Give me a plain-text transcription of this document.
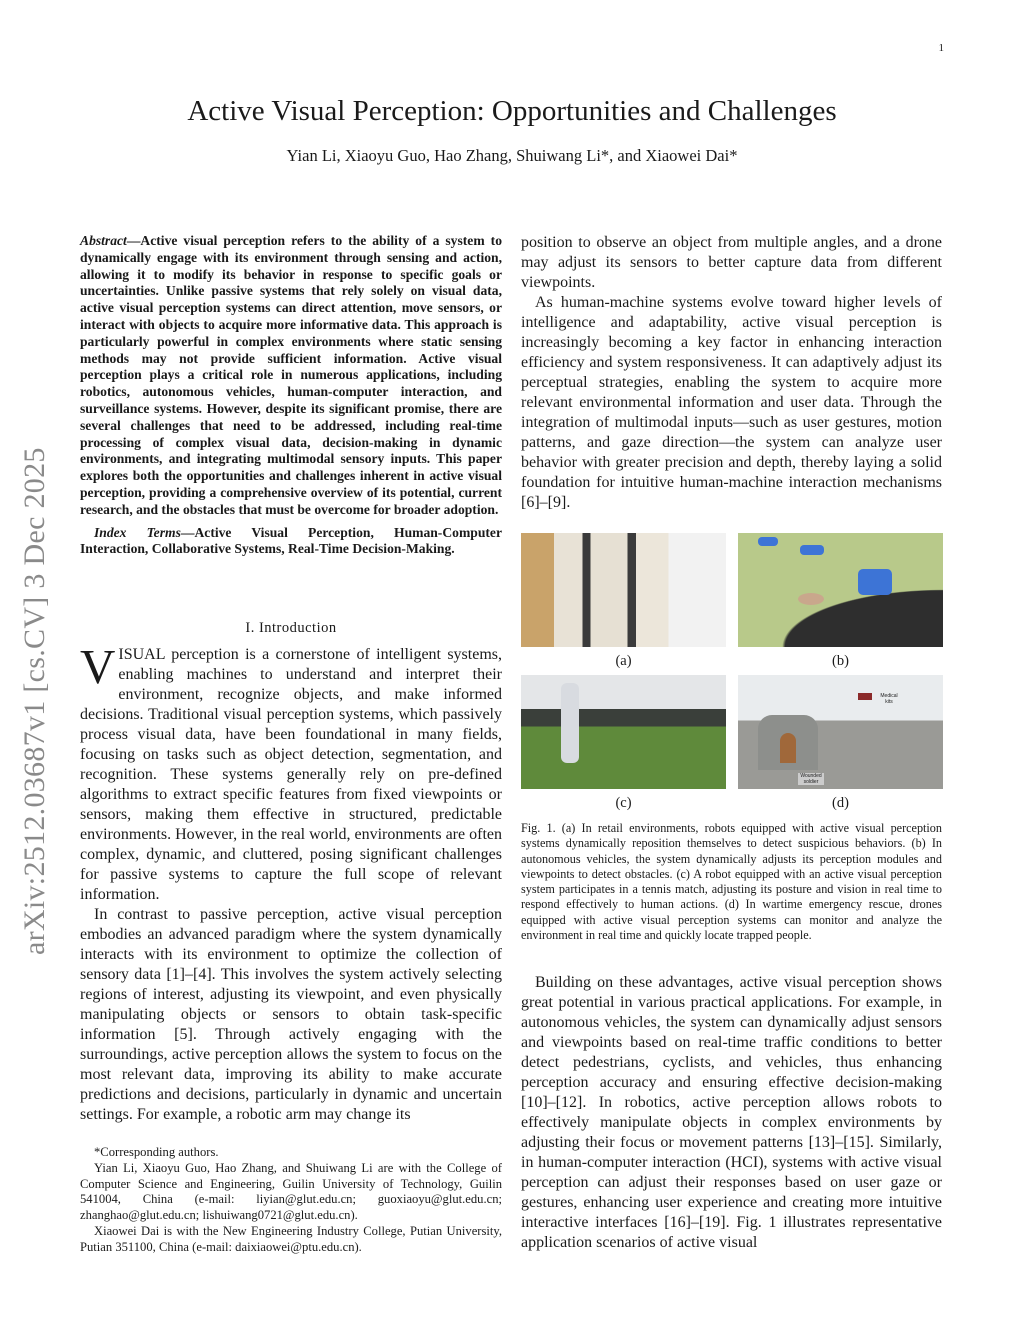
1
arXiv:2512.03687v1 [cs.CV] 3 Dec 2025
Active Visual Perception: Opportunities and Challenges
Yian Li, Xiaoyu Guo, Hao Zhang, Shuiwang Li*, and Xiaowei Dai*

Abstract—Active visual perception refers to the ability of a system to dynamically engage with its environment through sensing and action, allowing it to modify its behavior in response to specific goals or uncertainties. Unlike passive systems that rely solely on visual data, active visual perception systems can direct attention, move sensors, or interact with objects to acquire more informative data. This approach is particularly powerful in complex environments where static sensing methods may not provide sufficient information. Active visual perception plays a critical role in numerous applications, including robotics, autonomous vehicles, human-computer interaction, and surveillance systems. However, despite its significant promise, there are several challenges that need to be addressed, including real-time processing of complex visual data, decision-making in dynamic environments, and integrating multimodal sensory inputs. This paper explores both the opportunities and challenges inherent in active visual perception, providing a comprehensive overview of its potential, current research, and the obstacles that must be overcome for broader adoption.

Index Terms—Active Visual Perception, Human-Computer Interaction, Collaborative Systems, Real-Time Decision-Making.

I. Introduction

VISUAL perception is a cornerstone of intelligent systems, enabling machines to understand and interpret their environment, recognize objects, and make informed decisions. Traditional visual perception systems, which passively process visual data, have been foundational in many fields, focusing on tasks such as object detection, segmentation, and recognition. These systems generally rely on pre-defined algorithms to extract specific features from fixed viewpoints or sensors, making them effective in structured, predictable environments. However, in the real world, environments are often complex, dynamic, and cluttered, posing significant challenges for passive systems to capture the full scope of relevant information.

In contrast to passive perception, active visual perception embodies an advanced paradigm where the system dynamically interacts with its environment to optimize the collection of sensory data [1]–[4]. This involves the system actively selecting regions of interest, adjusting its viewpoint, and even physically manipulating objects or sensors to obtain task-specific information [5]. Through actively engaging with the surroundings, active perception allows the system to focus on the most relevant data, improving its ability to make accurate predictions and decisions, particularly in dynamic and uncertain settings. For example, a robotic arm may change its

*Corresponding authors.

Yian Li, Xiaoyu Guo, Hao Zhang, and Shuiwang Li are with the College of Computer Science and Engineering, Guilin University of Technology, Guilin 541004, China (e-mail: liyian@glut.edu.cn; guoxiaoyu@glut.edu.cn; zhanghao@glut.edu.cn; lishuiwang0721@glut.edu.cn).

Xiaowei Dai is with the New Engineering Industry College, Putian University, Putian 351100, China (e-mail: daixiaowei@ptu.edu.cn).

position to observe an object from multiple angles, and a drone may adjust its sensors to better capture data from different viewpoints.

As human-machine systems evolve toward higher levels of intelligence and adaptability, active visual perception is increasingly becoming a key factor in enhancing interaction efficiency and system responsiveness. It can adaptively adjust its perceptual strategies, enabling the system to acquire more relevant environmental information and user data. Through the integration of multimodal inputs—such as user gestures, motion patterns, and gaze direction—the system can analyze user behavior with greater precision and depth, thereby laying a solid foundation for intuitive human-machine interaction mechanisms [6]–[9].

(a)	(b)
Medical kits
Wounded soldier
(c)	(d)
Fig. 1. (a) In retail environments, robots equipped with active visual perception systems dynamically reposition themselves to detect suspicious behaviors. (b) In autonomous vehicles, the system dynamically adjusts its perception modules and viewpoints to detect obstacles. (c) A robot equipped with an active visual perception system participates in a tennis match, adjusting its posture and vision in real time to respond effectively to human actions. (d) In wartime emergency rescue, drones equipped with active visual perception systems can monitor and analyze the environment in real time and quickly locate trapped people.

Building on these advantages, active visual perception shows great potential in various practical applications. For example, in autonomous vehicles, the system can dynamically adjust sensors and viewpoints based on real-time traffic conditions to better detect pedestrians, cyclists, and vehicles, thus enhancing perception accuracy and ensuring effective decision-making [10]–[12]. In robotics, active perception allows robots to effectively manipulate objects in complex environments by adjusting their focus or movement patterns [13]–[15]. Similarly, in human-computer interaction (HCI), systems with active visual perception can adjust their responses based on user gaze or gestures, enhancing user experience and creating more intuitive interactive interfaces [16]–[19]. Fig. 1 illustrates representative application scenarios of active visual
